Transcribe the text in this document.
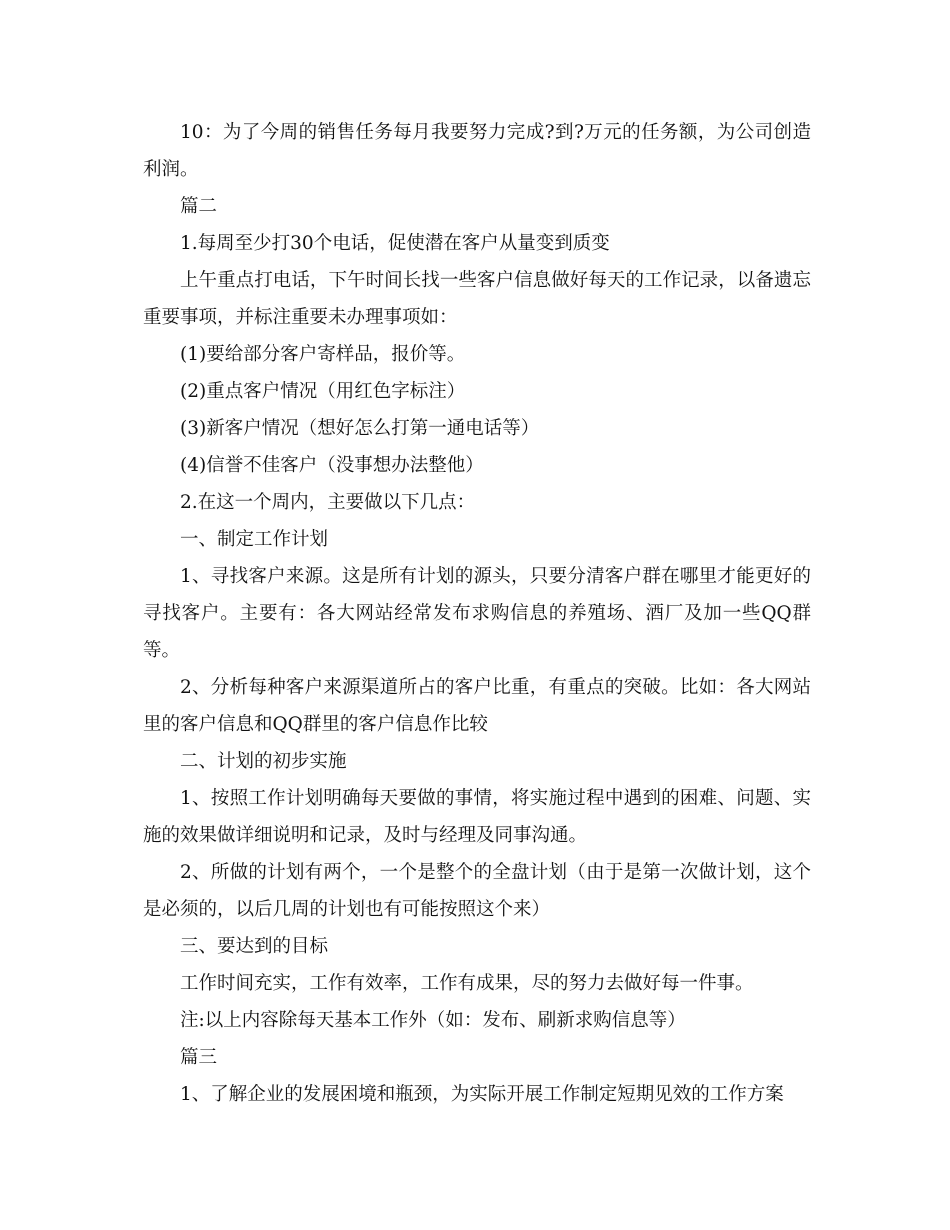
10：为了今周的销售任务每月我要努力完成?到?万元的任务额，为公司创造利润。

篇二

1.每周至少打30个电话，促使潜在客户从量变到质变

上午重点打电话，下午时间长找一些客户信息做好每天的工作记录，以备遗忘重要事项，并标注重要未办理事项如：

(1)要给部分客户寄样品，报价等。

(2)重点客户情况（用红色字标注）

(3)新客户情况（想好怎么打第一通电话等）

(4)信誉不佳客户（没事想办法整他）

2.在这一个周内，主要做以下几点：

一、制定工作计划

1、寻找客户来源。这是所有计划的源头，只要分清客户群在哪里才能更好的寻找客户。主要有：各大网站经常发布求购信息的养殖场、酒厂及加一些QQ群等。

2、分析每种客户来源渠道所占的客户比重，有重点的突破。比如：各大网站里的客户信息和QQ群里的客户信息作比较

二、计划的初步实施

1、按照工作计划明确每天要做的事情，将实施过程中遇到的困难、问题、实施的效果做详细说明和记录，及时与经理及同事沟通。

2、所做的计划有两个，一个是整个的全盘计划（由于是第一次做计划，这个是必须的，以后几周的计划也有可能按照这个来）

三、要达到的目标

工作时间充实，工作有效率，工作有成果，尽的努力去做好每一件事。

注:以上内容除每天基本工作外（如：发布、刷新求购信息等）

篇三

1、了解企业的发展困境和瓶颈，为实际开展工作制定短期见效的工作方案
